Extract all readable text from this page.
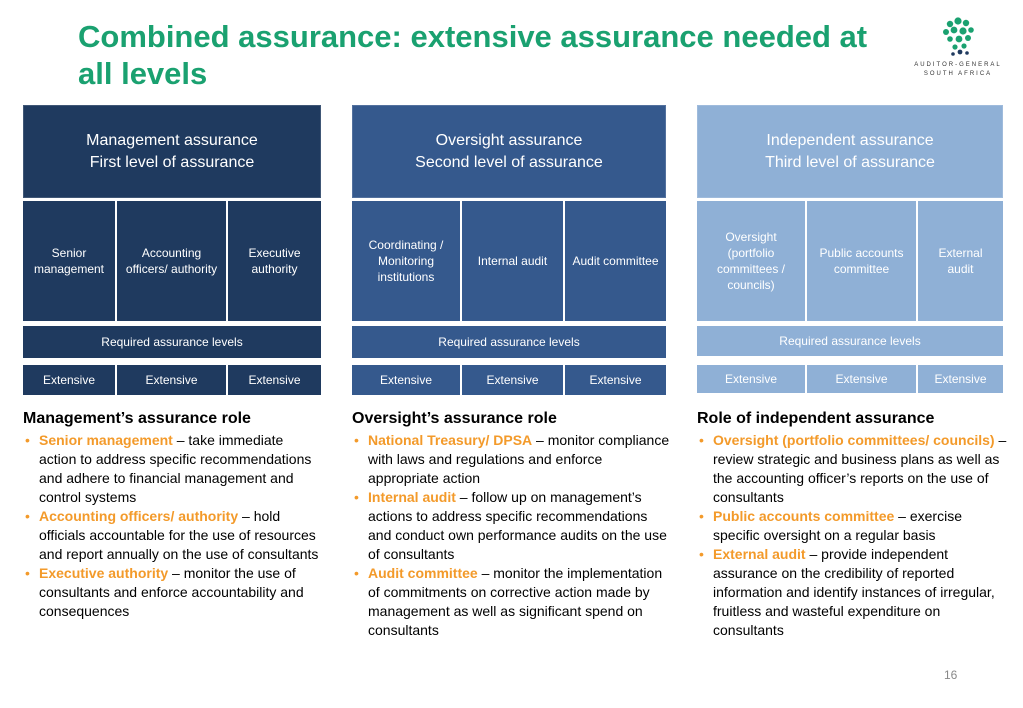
Combined assurance: extensive assurance needed at all levels	AUDITOR-GENERAL
SOUTH AFRICA
Management assurance
First level of assurance
Senior management
Accounting officers/ authority
Executive authority
Required assurance levels
Extensive	Extensive	Extensive
Oversight assurance
Second level of assurance
Coordinating / Monitoring institutions
Internal audit	Audit committee
Required assurance levels
Extensive	Extensive	Extensive
Independent assurance
Third level of assurance
Oversight (portfolio committees / councils)
Public accounts committee
External audit
Required assurance levels
Extensive	Extensive	Extensive
Management’s assurance role
• Senior management – take immediate action to address specific recommendations and adhere to financial management and control systems
• Accounting officers/ authority – hold officials accountable for the use of resources and report annually on the use of consultants
• Executive authority – monitor the use of consultants and enforce accountability and consequences
Oversight’s assurance role
• National Treasury/ DPSA – monitor compliance with laws and regulations and enforce appropriate action
• Internal audit – follow up on management’s actions to address specific recommendations and conduct own performance audits on the use of consultants
• Audit committee – monitor the implementation of commitments on corrective action made by management as well as significant spend on consultants
Role of independent assurance
• Oversight (portfolio committees/ councils) – review strategic and business plans as well as the accounting officer’s reports on the use of consultants
• Public accounts committee – exercise specific oversight on a regular basis
• External audit – provide independent assurance on the credibility of reported information and identify instances of irregular, fruitless and wasteful expenditure on consultants
16
